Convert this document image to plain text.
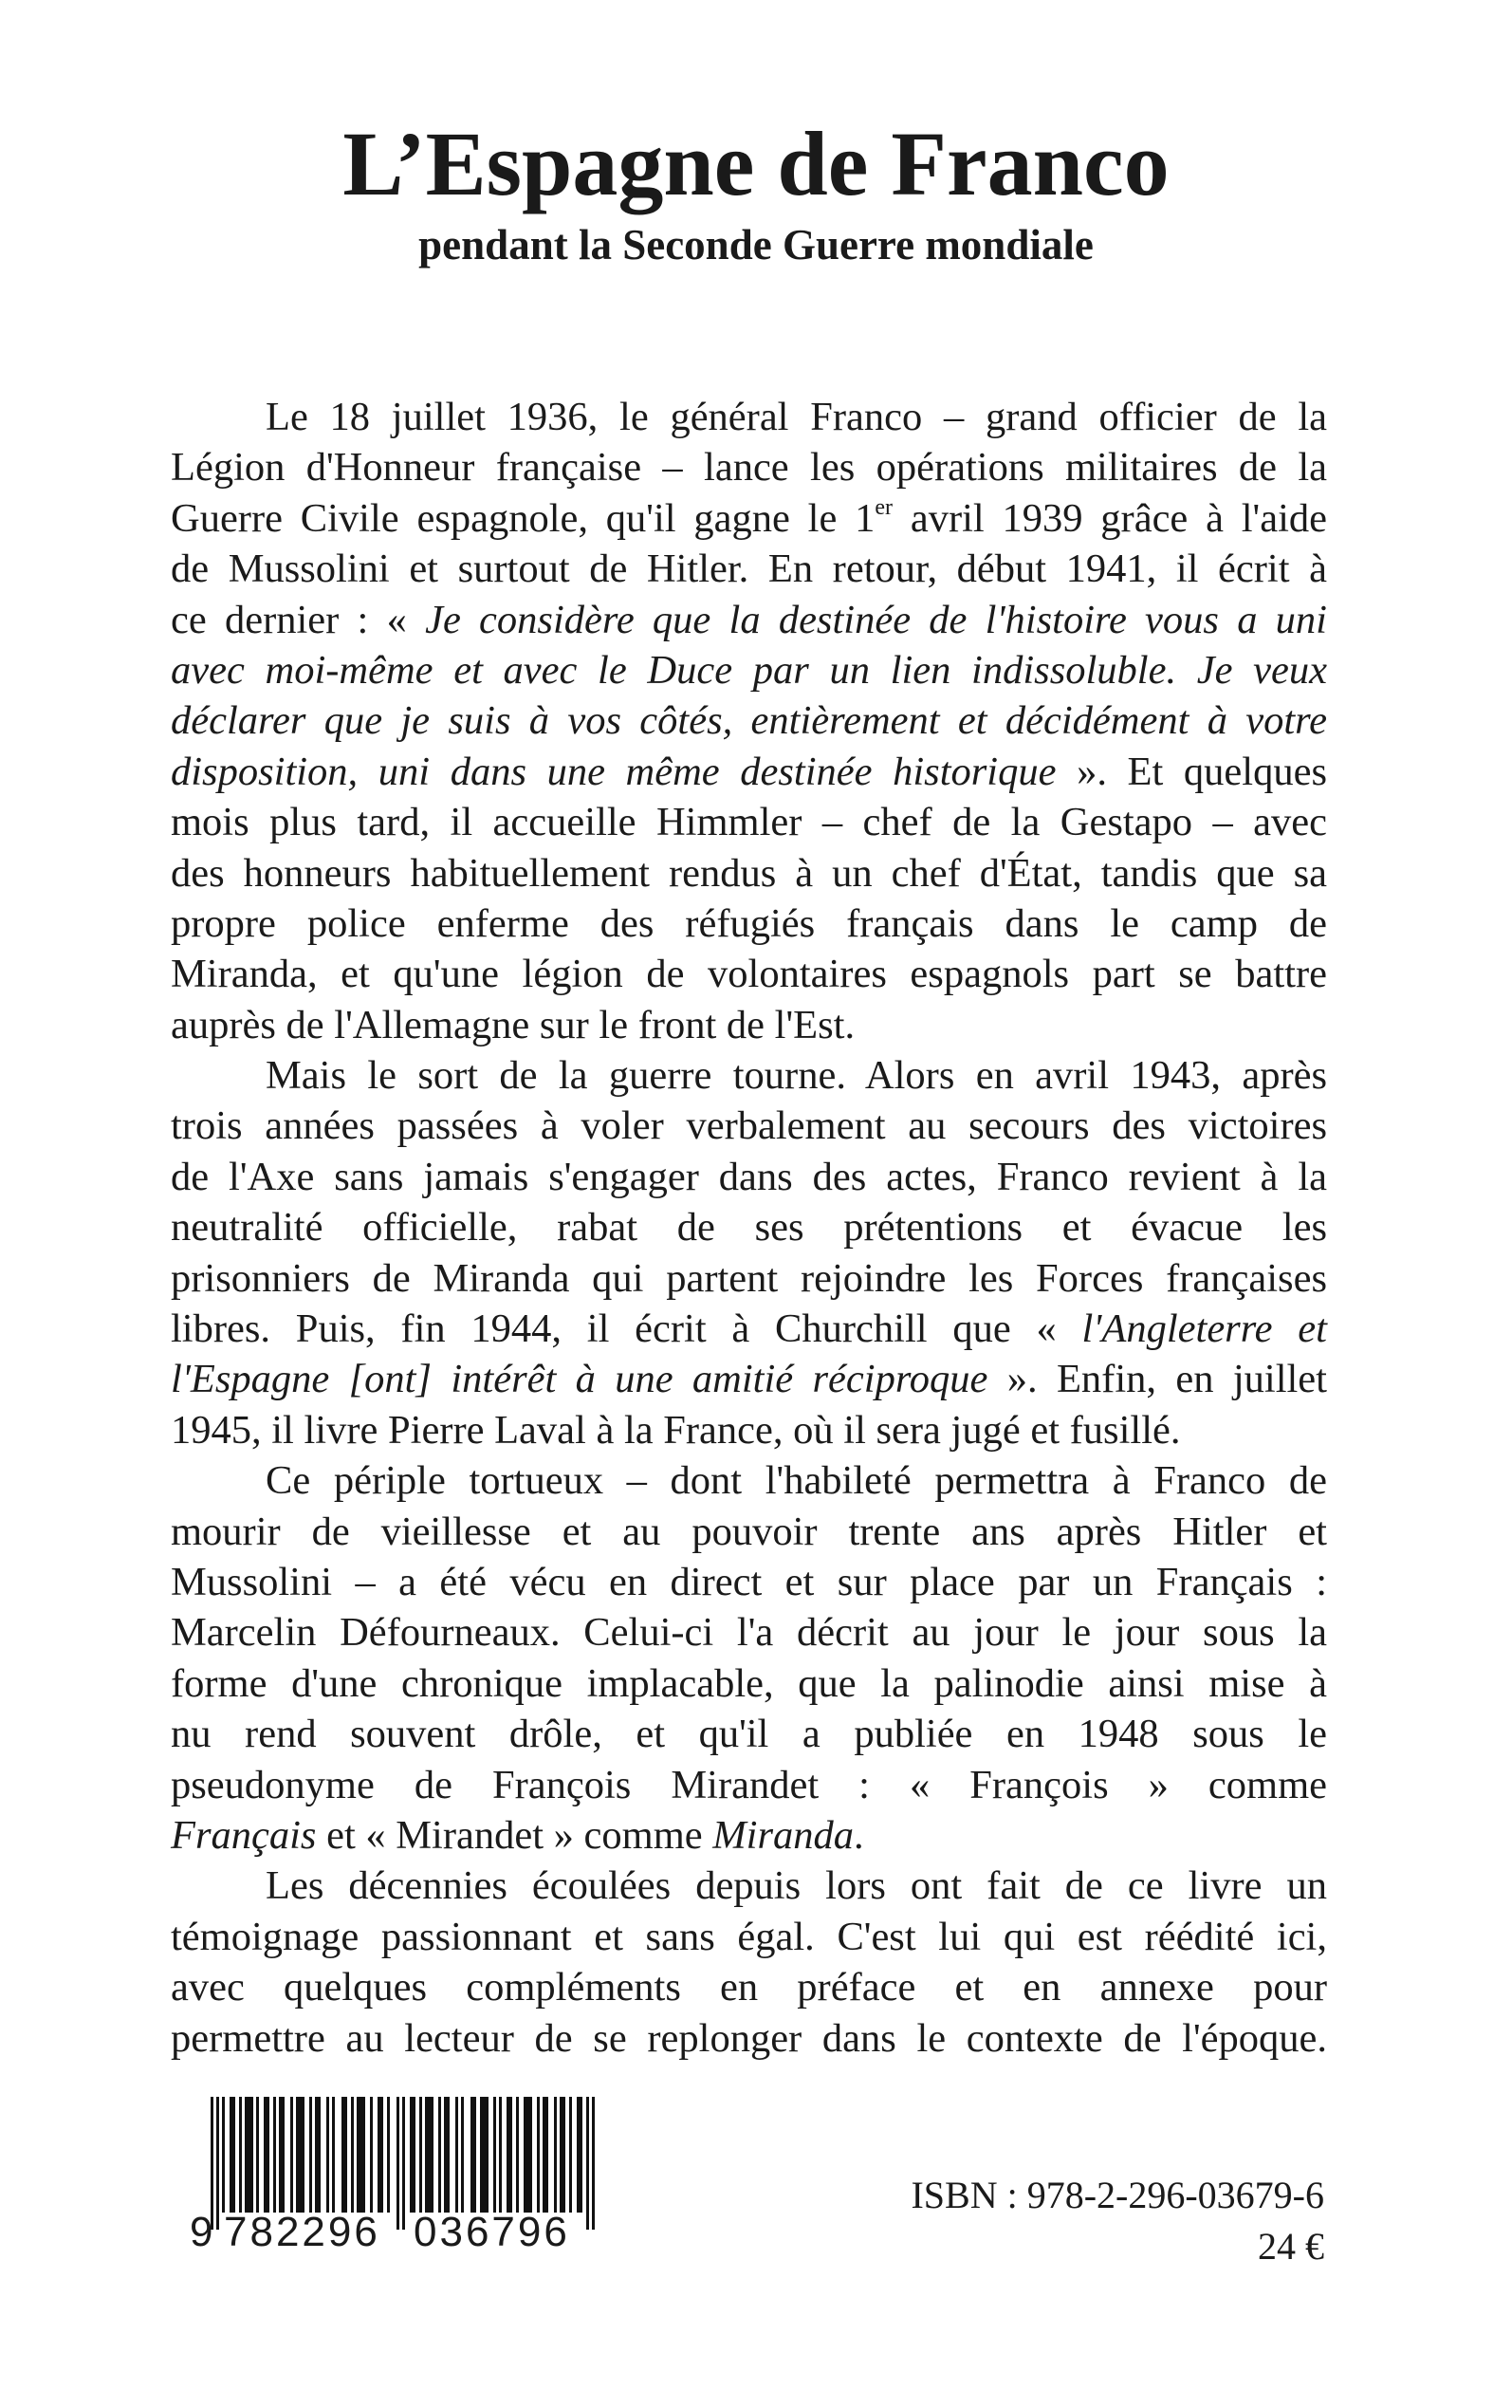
L’Espagne de Franco
pendant la Seconde Guerre mondiale
Le 18 juillet 1936, le général Franco – grand officier de la
Légion d'Honneur française – lance les opérations militaires de la
Guerre Civile espagnole, qu'il gagne le 1er avril 1939 grâce à l'aide
de Mussolini et surtout de Hitler. En retour, début 1941, il écrit à
ce dernier : « Je considère que la destinée de l'histoire vous a uni
avec moi-même et avec le Duce par un lien indissoluble. Je veux
déclarer que je suis à vos côtés, entièrement et décidément à votre
disposition, uni dans une même destinée historique ». Et quelques
mois plus tard, il accueille Himmler – chef de la Gestapo – avec
des honneurs habituellement rendus à un chef d'État, tandis que sa
propre police enferme des réfugiés français dans le camp de
Miranda, et qu'une légion de volontaires espagnols part se battre
auprès de l'Allemagne sur le front de l'Est.
Mais le sort de la guerre tourne. Alors en avril 1943, après
trois années passées à voler verbalement au secours des victoires
de l'Axe sans jamais s'engager dans des actes, Franco revient à la
neutralité officielle, rabat de ses prétentions et évacue les
prisonniers de Miranda qui partent rejoindre les Forces françaises
libres. Puis, fin 1944, il écrit à Churchill que « l'Angleterre et
l'Espagne [ont] intérêt à une amitié réciproque ». Enfin, en juillet
1945, il livre Pierre Laval à la France, où il sera jugé et fusillé.
Ce périple tortueux – dont l'habileté permettra à Franco de
mourir de vieillesse et au pouvoir trente ans après Hitler et
Mussolini – a été vécu en direct et sur place par un Français :
Marcelin Défourneaux. Celui-ci l'a décrit au jour le jour sous la
forme d'une chronique implacable, que la palinodie ainsi mise à
nu rend souvent drôle, et qu'il a publiée en 1948 sous le
pseudonyme de François Mirandet : « François » comme
Français et « Mirandet » comme Miranda.
Les décennies écoulées depuis lors ont fait de ce livre un
témoignage passionnant et sans égal. C'est lui qui est réédité ici,
avec quelques compléments en préface et en annexe pour
permettre au lecteur de se replonger dans le contexte de l'époque.
9 782296 036796
ISBN : 978-2-296-03679-6
24 €
